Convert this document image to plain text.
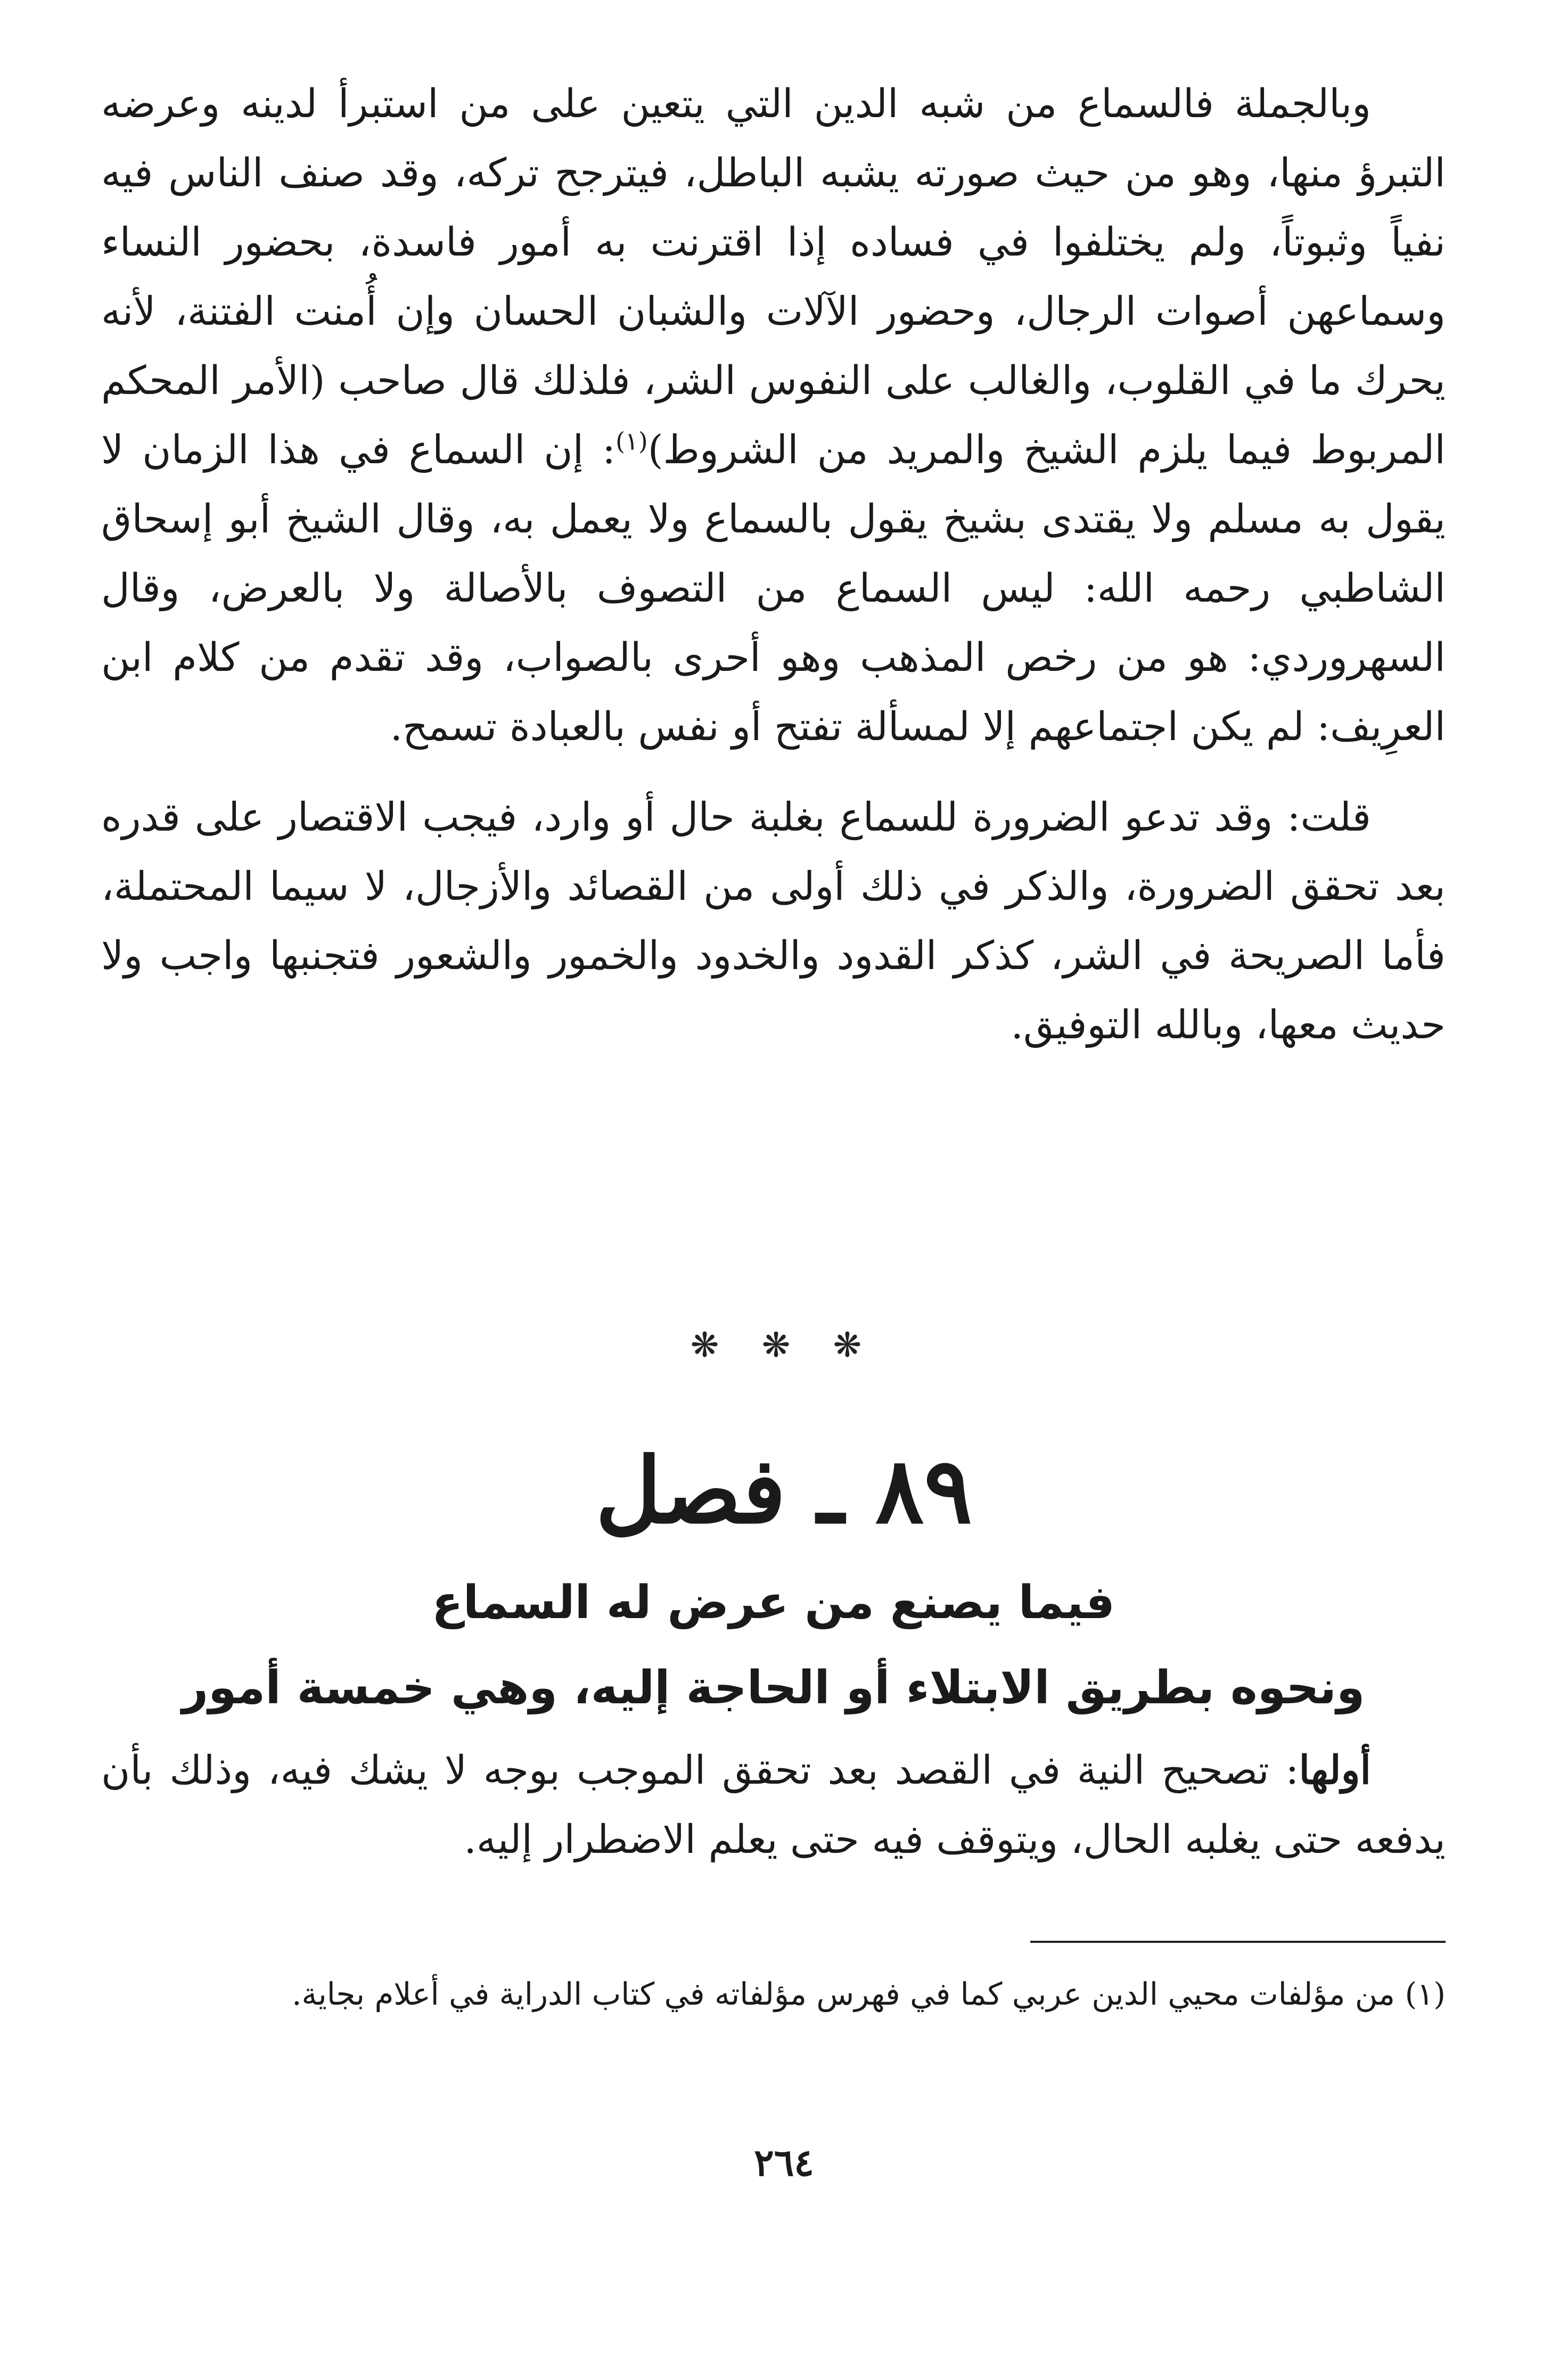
وبالجملة فالسماع من شبه الدين التي يتعين على من استبرأ لدينه وعرضه التبرؤ منها، وهو من حيث صورته يشبه الباطل، فيترجح تركه، وقد صنف الناس فيه نفياً وثبوتاً، ولم يختلفوا في فساده إذا اقترنت به أمور فاسدة، بحضور النساء وسماعهن أصوات الرجال، وحضور الآلات والشبان الحسان وإن أُمنت الفتنة، لأنه يحرك ما في القلوب، والغالب على النفوس الشر، فلذلك قال صاحب (الأمر المحكم المربوط فيما يلزم الشيخ والمريد من الشروط)$^{(١)}$: إن السماع في هذا الزمان لا يقول به مسلم ولا يقتدى بشيخ يقول بالسماع ولا يعمل به، وقال الشيخ أبو إسحاق الشاطبي رحمه الله: ليس السماع من التصوف بالأصالة ولا بالعرض، وقال السهروردي: هو من رخص المذهب وهو أحرى بالصواب، وقد تقدم من كلام ابن العرِيف: لم يكن اجتماعهم إلا لمسألة تفتح أو نفس بالعبادة تسمح.

قلت: وقد تدعو الضرورة للسماع بغلبة حال أو وارد، فيجب الاقتصار على قدره بعد تحقق الضرورة، والذكر في ذلك أولى من القصائد والأزجال، لا سيما المحتملة، فأما الصريحة في الشر، كذكر القدود والخدود والخمور والشعور فتجنبها واجب ولا حديث معها، وبالله التوفيق.

❋ ❋ ❋
٨٩ ـ فصل
فيما يصنع من عرض له السماع
ونحوه بطريق الابتلاء أو الحاجة إليه، وهي خمسة أمور

أولها: تصحيح النية في القصد بعد تحقق الموجب بوجه لا يشك فيه، وذلك بأن يدفعه حتى يغلبه الحال، ويتوقف فيه حتى يعلم الاضطرار إليه.

(١) من مؤلفات محيي الدين عربي كما في فهرس مؤلفاته في كتاب الدراية في أعلام بجاية.
٢٦٤
